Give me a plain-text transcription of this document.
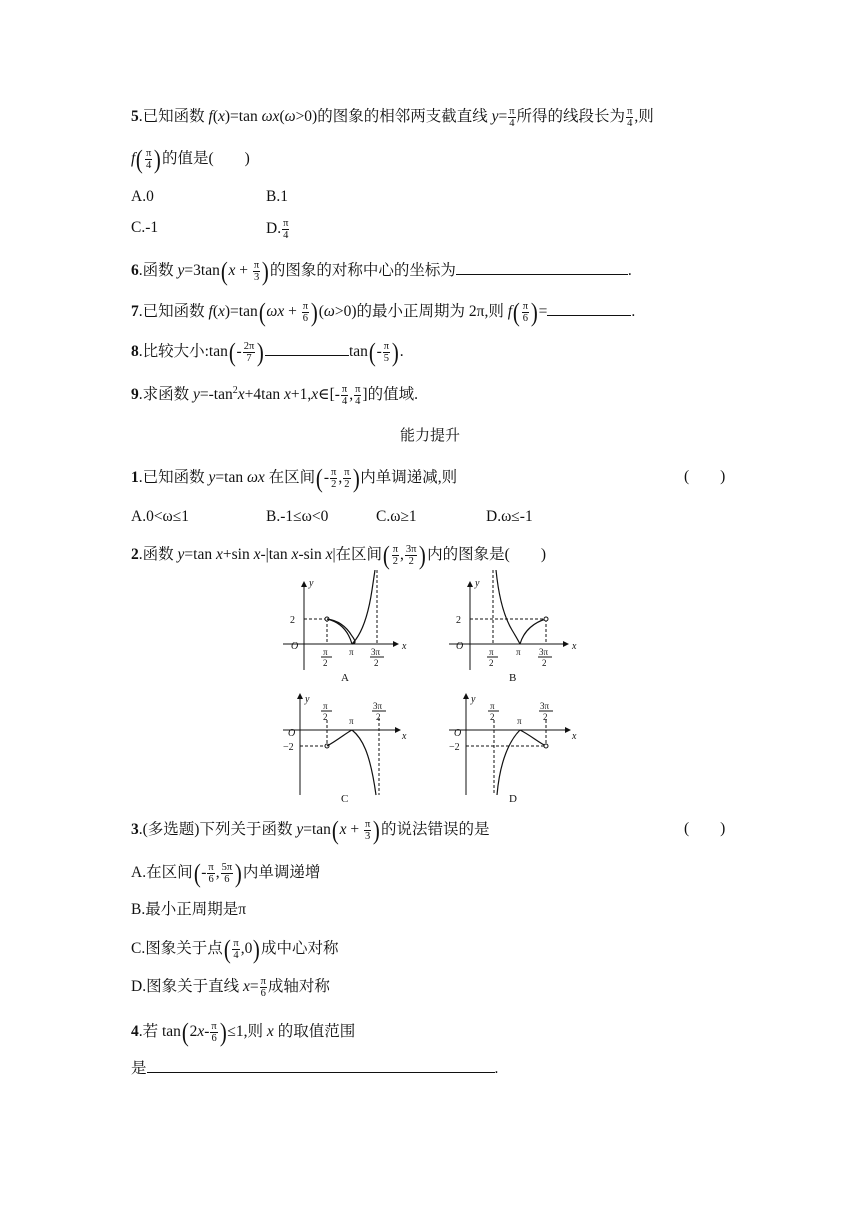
5.已知函数 f(x)=tan ωx(ω>0)的图象的相邻两支截直线 $y= \frac{\pi}{4}$ 所得的线段长为 $\frac{\pi}{4}$ ,则
$f( \frac{\pi}{4}$ )的值是(　　)
A.0	B.1
C.-1	D. $\frac{\pi}{4}$
6.函数 $y=3\tan(x + \frac{\pi}{3}$ )的图象的对称中心的坐标为	.
7.已知函数 $f(x)=\tan(\omega x + \frac{\pi}{6} )(\omega>0)$的最小正周期为 2π,则 $f( \frac{\pi}{6}$ )=	.
8.比较大小:tan(- $\frac{2\pi}{7}$ )	$\tan(- \frac{\pi}{5}$ ).
9.求函数 $y=-\tan^2x+4\tan$ x+1,x∈[- $\frac{\pi}{4}$ , $\frac{\pi}{4}$ ]的值域.
能力提升
1.已知函数 y=tan ωx 在区间(- $\frac{\pi}{2}$ , $\frac{\pi}{2}$ )内单调递减,则	(　　)
A.0<ω≤1	B.-1≤ω<0	C.ω≥1	D.ω≤-1
2.函数 y=tan x+sin x-|tan x-sin x|在区间( $\frac{\pi}{2}$ , $\frac{3\pi}{2}$ )内的图象是(　　)
y
x
O
2
π
2
π 3π
2
A
y
x
O
2
π
2
π 3π
2
B
y
x
O
−2
π
2 π
3π
2
C
y
x
O
−2
π
2	π
3π
2
D
3.(多选题)下列关于函数 $y=\tan(x + \frac{\pi}{3}$ )的说法错误的是	(　　)
A.在区间(- $\frac{\pi}{6}$ , $\frac{5\pi}{6}$ )内单调递增
B.最小正周期是π
C.图象关于点( $\frac{\pi}{4} ,0$)成中心对称
D.图象关于直线 $x= \frac{\pi}{6}$ 成轴对称
4.若 $\tan(2x- \frac{\pi}{6} )\le 1$,则 x 的取值范围
是	.
